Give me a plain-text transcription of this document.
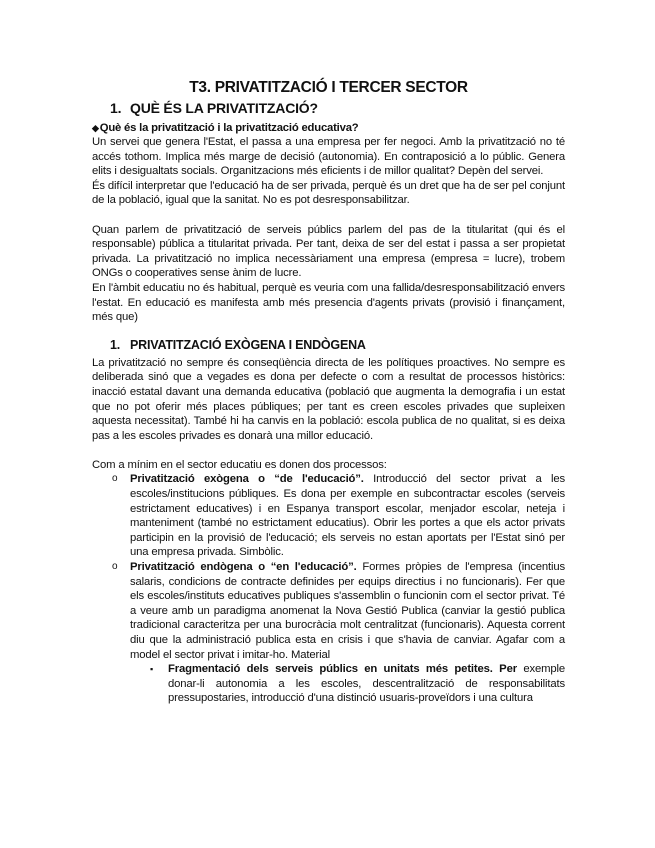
T3. PRIVATITZACIÓ I TERCER SECTOR
1. QUÈ ÉS LA PRIVATITZACIÓ?
◆Què és la privatització i la privatització educativa?

Un servei que genera l'Estat, el passa a una empresa per fer negoci. Amb la privatització no té accés tothom. Implica més marge de decisió (autonomia). En contraposició a lo públic. Genera elits i desigualtats socials. Organitzacions més eficients i de millor qualitat? Depèn del servei.

És difícil interpretar que l'educació ha de ser privada, perquè és un dret que ha de ser pel conjunt de la població, igual que la sanitat. No es pot desresponsabilitzar.

Quan parlem de privatització de serveis públics parlem del pas de la titularitat (qui és el responsable) pública a titularitat privada. Per tant, deixa de ser del estat i passa a ser propietat privada. La privatització no implica necessàriament una empresa (empresa = lucre), trobem ONGs o cooperatives sense ànim de lucre.

En l'àmbit educatiu no és habitual, perquè es veuria com una fallida/desresponsabilització envers l'estat. En educació es manifesta amb més presencia d'agents privats (provisió i finançament, més que)

1. PRIVATITZACIÓ EXÒGENA I ENDÒGENA

La privatització no sempre és conseqüència directa de les polítiques proactives. No sempre es deliberada sinó que a vegades es dona per defecte o com a resultat de processos històrics: inacció estatal davant una demanda educativa (població que augmenta la demografia i un estat que no pot oferir més places públiques; per tant es creen escoles privades que supleixen aquesta necessitat). També hi ha canvis en la població: escola publica de no qualitat, si es deixa pas a les escoles privades es donarà una millor educació.

Com a mínim en el sector educatiu es donen dos processos:

o Privatització exògena o “de l'educació”. Introducció del sector privat a les escoles/institucions públiques. Es dona per exemple en subcontractar escoles (serveis estrictament educatives) i en Espanya transport escolar, menjador escolar, neteja i manteniment (també no estrictament educatius). Obrir les portes a que els actor privats participin en la provisió de l'educació; els serveis no estan aportats per l'Estat sinó per una empresa privada. Simbòlic.
o Privatització endògena o “en l'educació”. Formes pròpies de l'empresa (incentius salaris, condicions de contracte definides per equips directius i no funcionaris). Fer que els escoles/instituts educatives publiques s'assemblin o funcionin com el sector privat. Té a veure amb un paradigma anomenat la Nova Gestió Publica (canviar la gestió publica tradicional caracteritza per una burocràcia molt centralitzat (funcionaris). Aquesta corrent diu que la administració publica esta en crisis i que s'havia de canviar. Agafar com a model el sector privat i imitar-ho. Material
▪ Fragmentació dels serveis públics en unitats més petites. Per exemple donar-li autonomia a les escoles, descentralització de responsabilitats pressupostaries, introducció d'una distinció usuaris-proveïdors i una cultura
